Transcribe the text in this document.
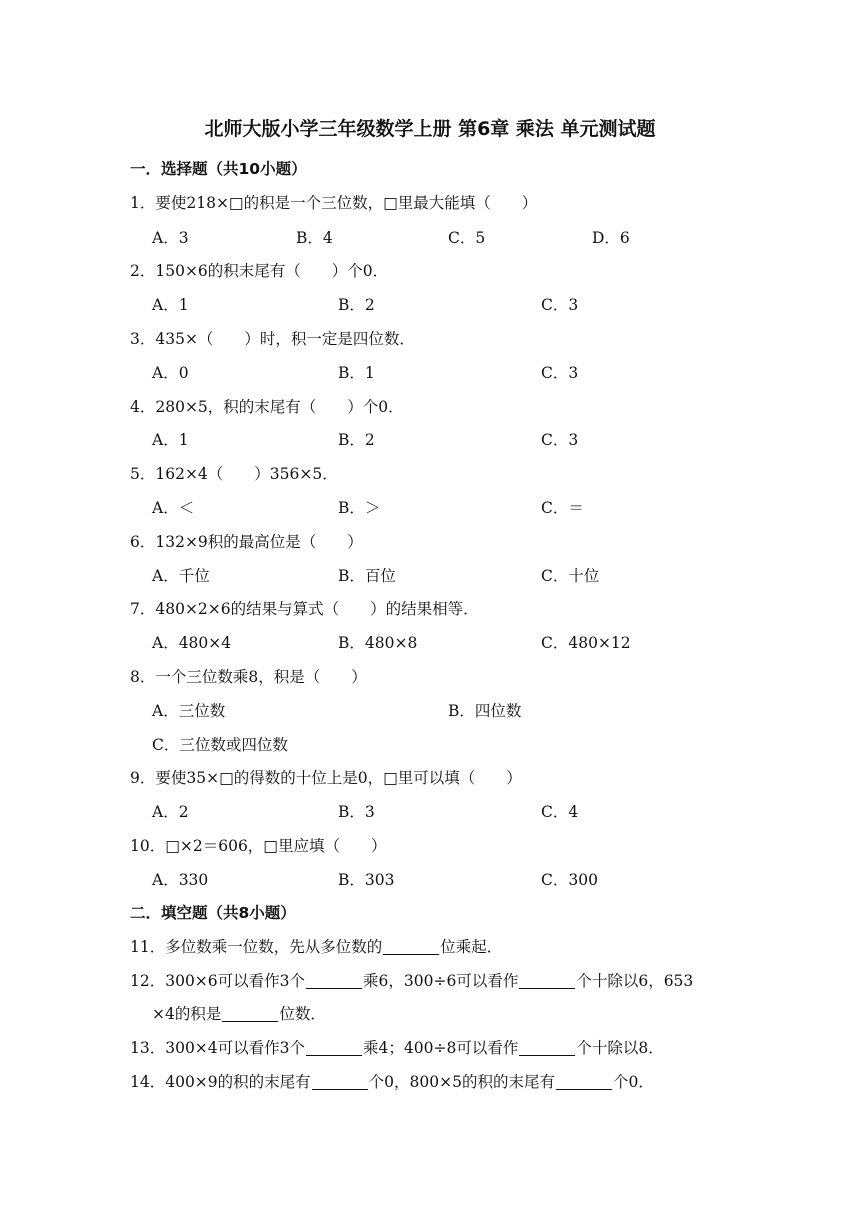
北师大版小学三年级数学上册 第6章 乘法 单元测试题
一．选择题（共10小题）
1．要使218×□的积是一个三位数，□里最大能填（　　）
A．3	B．4	C．5	D．6
2．150×6的积末尾有（　　）个0．
A．1	B．2	C．3
3．435×（　　）时，积一定是四位数．
A．0	B．1	C．3
4．280×5，积的末尾有（　　）个0．
A．1	B．2	C．3
5．162×4（　　）356×5．
A．＜	B．＞	C．＝
6．132×9积的最高位是（　　）
A．千位	B．百位	C．十位
7．480×2×6的结果与算式（　　）的结果相等．
A．480×4	B．480×8	C．480×12
8．一个三位数乘8，积是（　　）
A．三位数	B．四位数
C．三位数或四位数
9．要使35×□的得数的十位上是0，□里可以填（　　）
A．2	B．3	C．4
10．□×2＝606，□里应填（　　）
A．330	B．303	C．300
二．填空题（共8小题）
11．多位数乘一位数，先从多位数的	位乘起．
12．300×6可以看作3个	乘6，300÷6可以看作	个十除以6，653
×4的积是	位数．
13．300×4可以看作3个	乘4；400÷8可以看作	个十除以8．
14．400×9的积的末尾有	个0，800×5的积的末尾有	个0．
